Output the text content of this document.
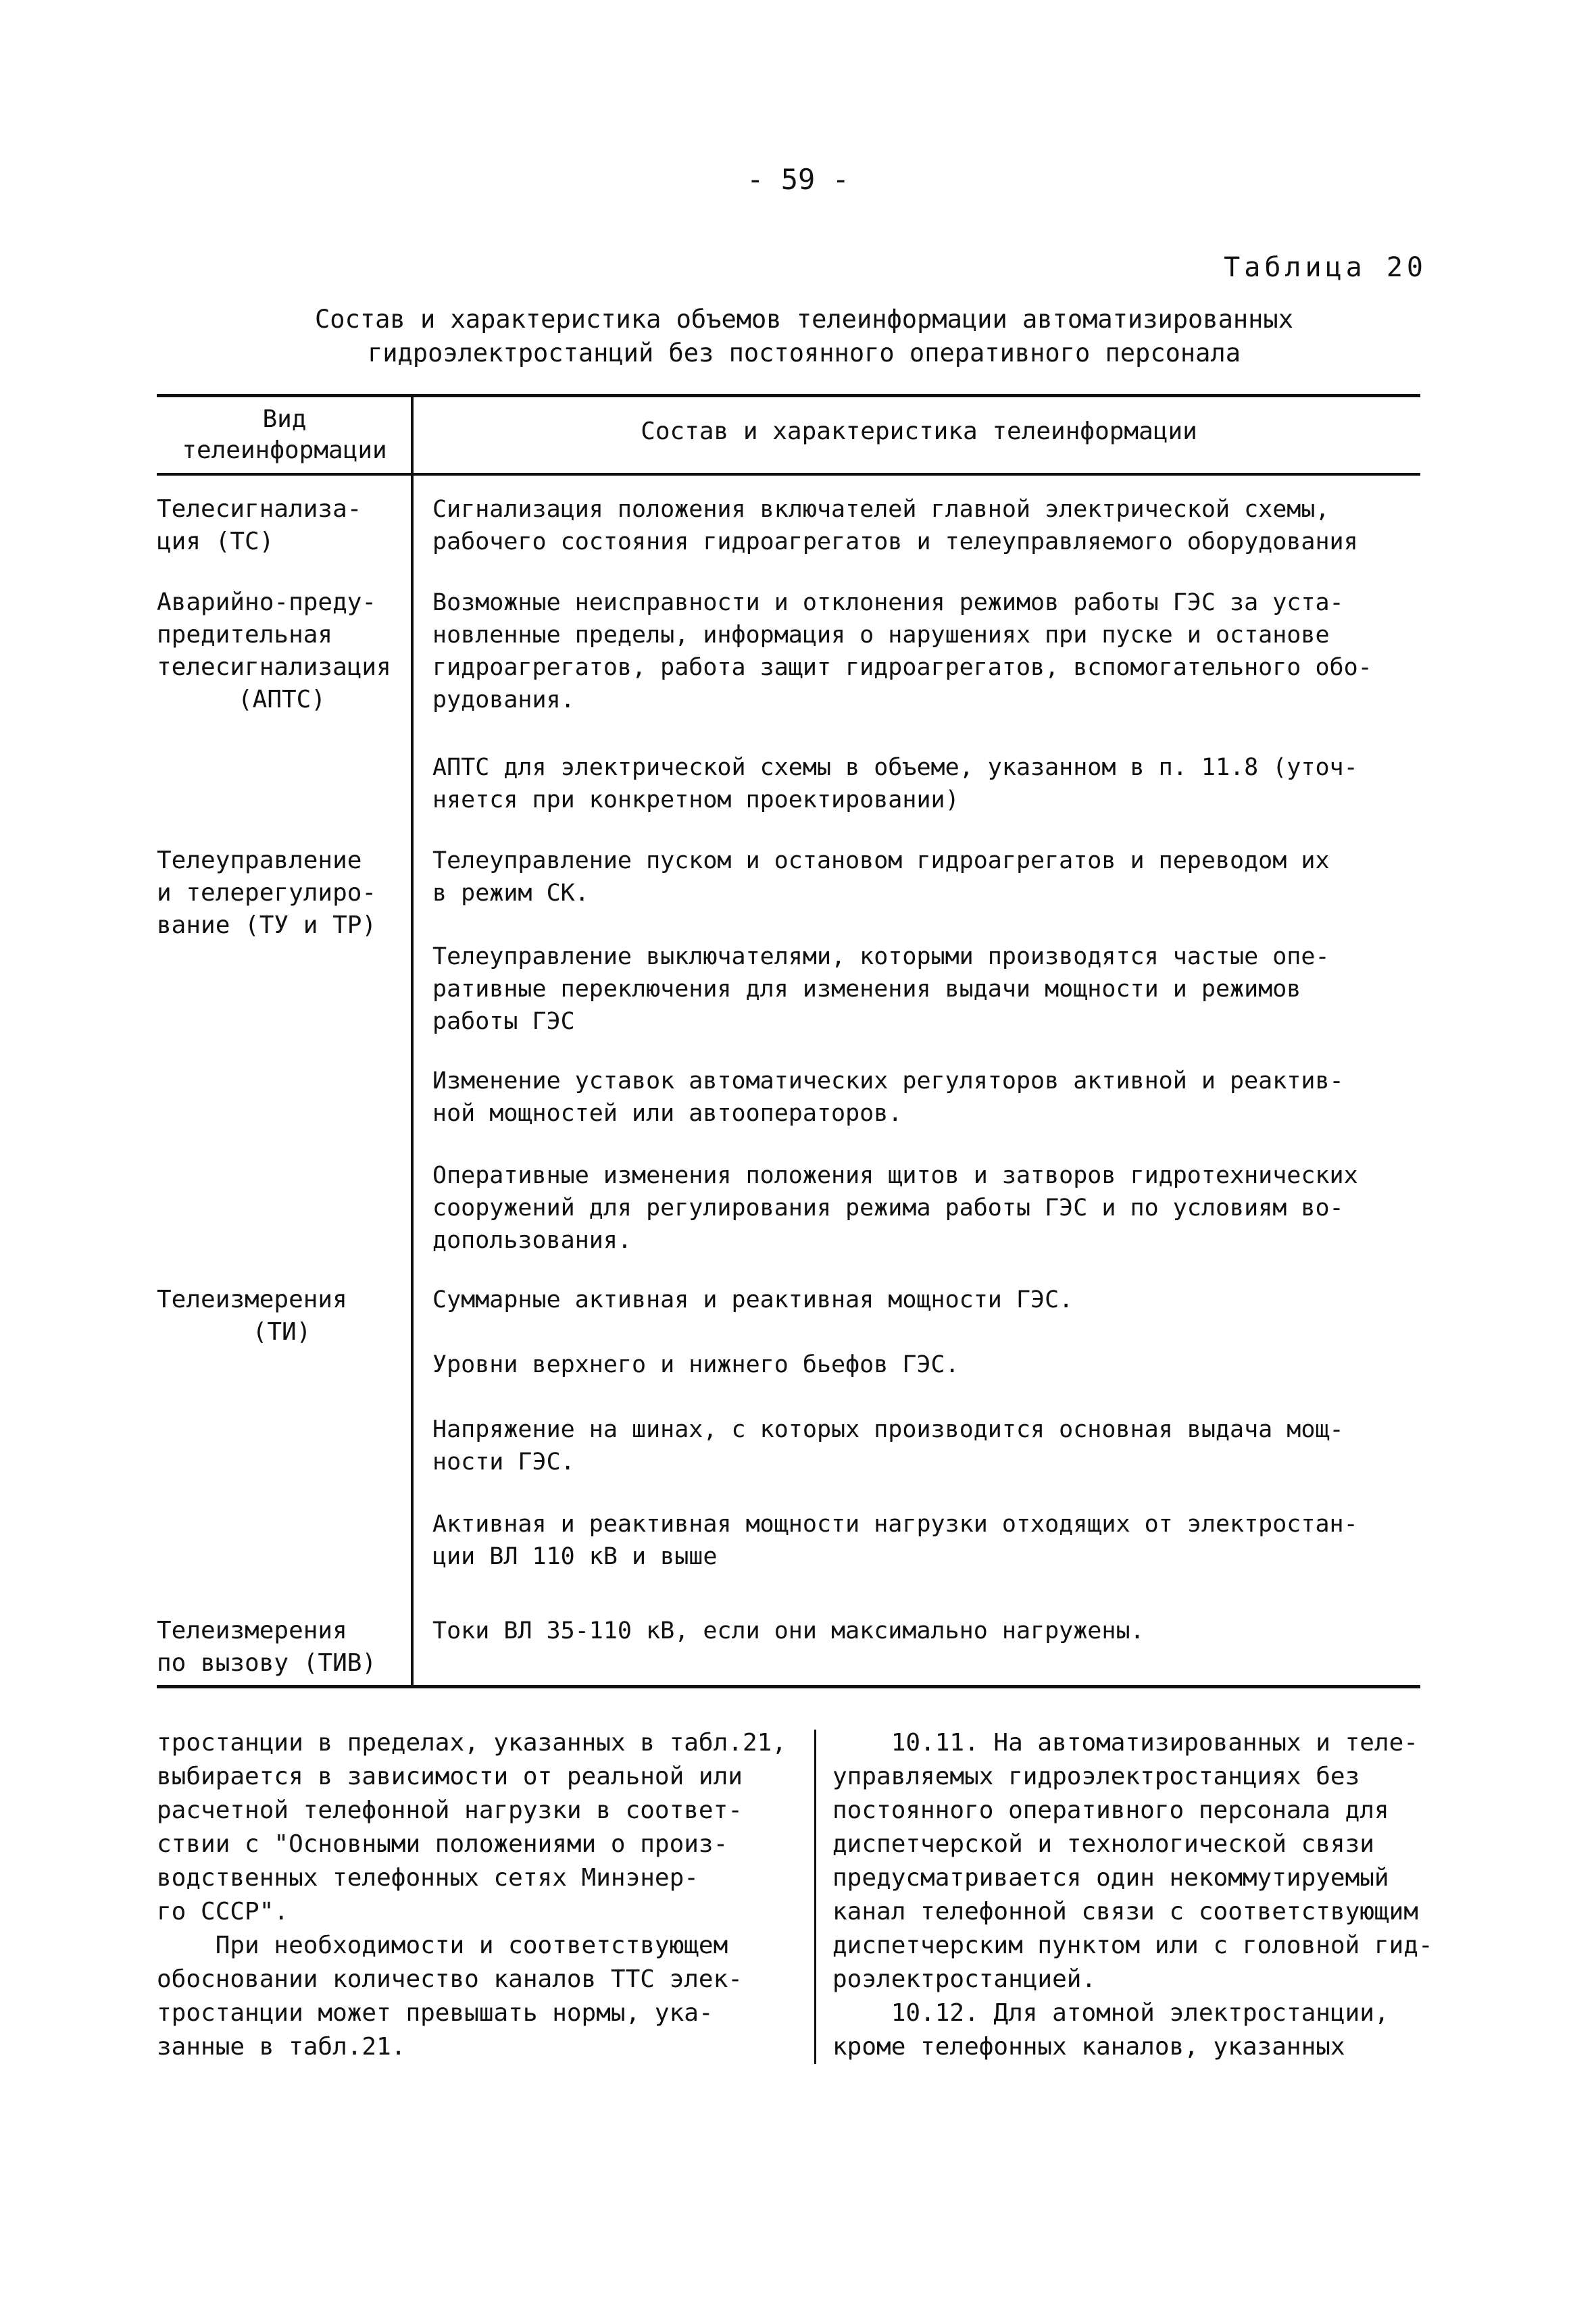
- 59 -
Таблица 20
Состав и характеристика объемов телеинформации автоматизированных
гидроэлектростанций без постоянного оперативного персонала
Вид
телеинформации
Состав и характеристика телеинформации
Телесигнализа-
ция (ТС)
Сигнализация положения включателей главной электрической схемы,
рабочего состояния гидроагрегатов и телеуправляемого оборудования
Аварийно-преду-
предительная
телесигнализация
(АПТС)
Возможные неисправности и отклонения режимов работы ГЭС за уста-
новленные пределы, информация о нарушениях при пуске и останове
гидроагрегатов, работа защит гидроагрегатов, вспомогательного обо-
рудования.
АПТС для электрической схемы в объеме, указанном в п. 11.8 (уточ-
няется при конкретном проектировании)
Телеуправление
и телерегулиро-
вание (ТУ и ТР)
Телеуправление пуском и остановом гидроагрегатов и переводом их
в режим СК.
Телеуправление выключателями, которыми производятся частые опе-
ративные переключения для изменения выдачи мощности и режимов
работы ГЭС
Изменение уставок автоматических регуляторов активной и реактив-
ной мощностей или автооператоров.
Оперативные изменения положения щитов и затворов гидротехнических
сооружений для регулирования режима работы ГЭС и по условиям во-
допользования.
Телеизмерения
(ТИ)
Суммарные активная и реактивная мощности ГЭС.
Уровни верхнего и нижнего бьефов ГЭС.
Напряжение на шинах, с которых производится основная выдача мощ-
ности ГЭС.
Активная и реактивная мощности нагрузки отходящих от электростан-
ции ВЛ 110 кВ и выше
Телеизмерения
по вызову (ТИВ)
Токи ВЛ 35-110 кВ, если они максимально нагружены.
тростанции в пределах, указанных в табл.21,
выбирается в зависимости от реальной или
расчетной телефонной нагрузки в соответ-
ствии с "Основными положениями о произ-
водственных телефонных сетях Минэнер-
го СССР".
При необходимости и соответствующем
обосновании количество каналов ТТС элек-
тростанции может превышать нормы, ука-
занные в табл.21.
10.11. На автоматизированных и теле-
управляемых гидроэлектростанциях без
постоянного оперативного персонала для
диспетчерской и технологической связи
предусматривается один некоммутируемый
канал телефонной связи с соответствующим
диспетчерским пунктом или с головной гид-
роэлектростанцией.
10.12. Для атомной электростанции,
кроме телефонных каналов, указанных
